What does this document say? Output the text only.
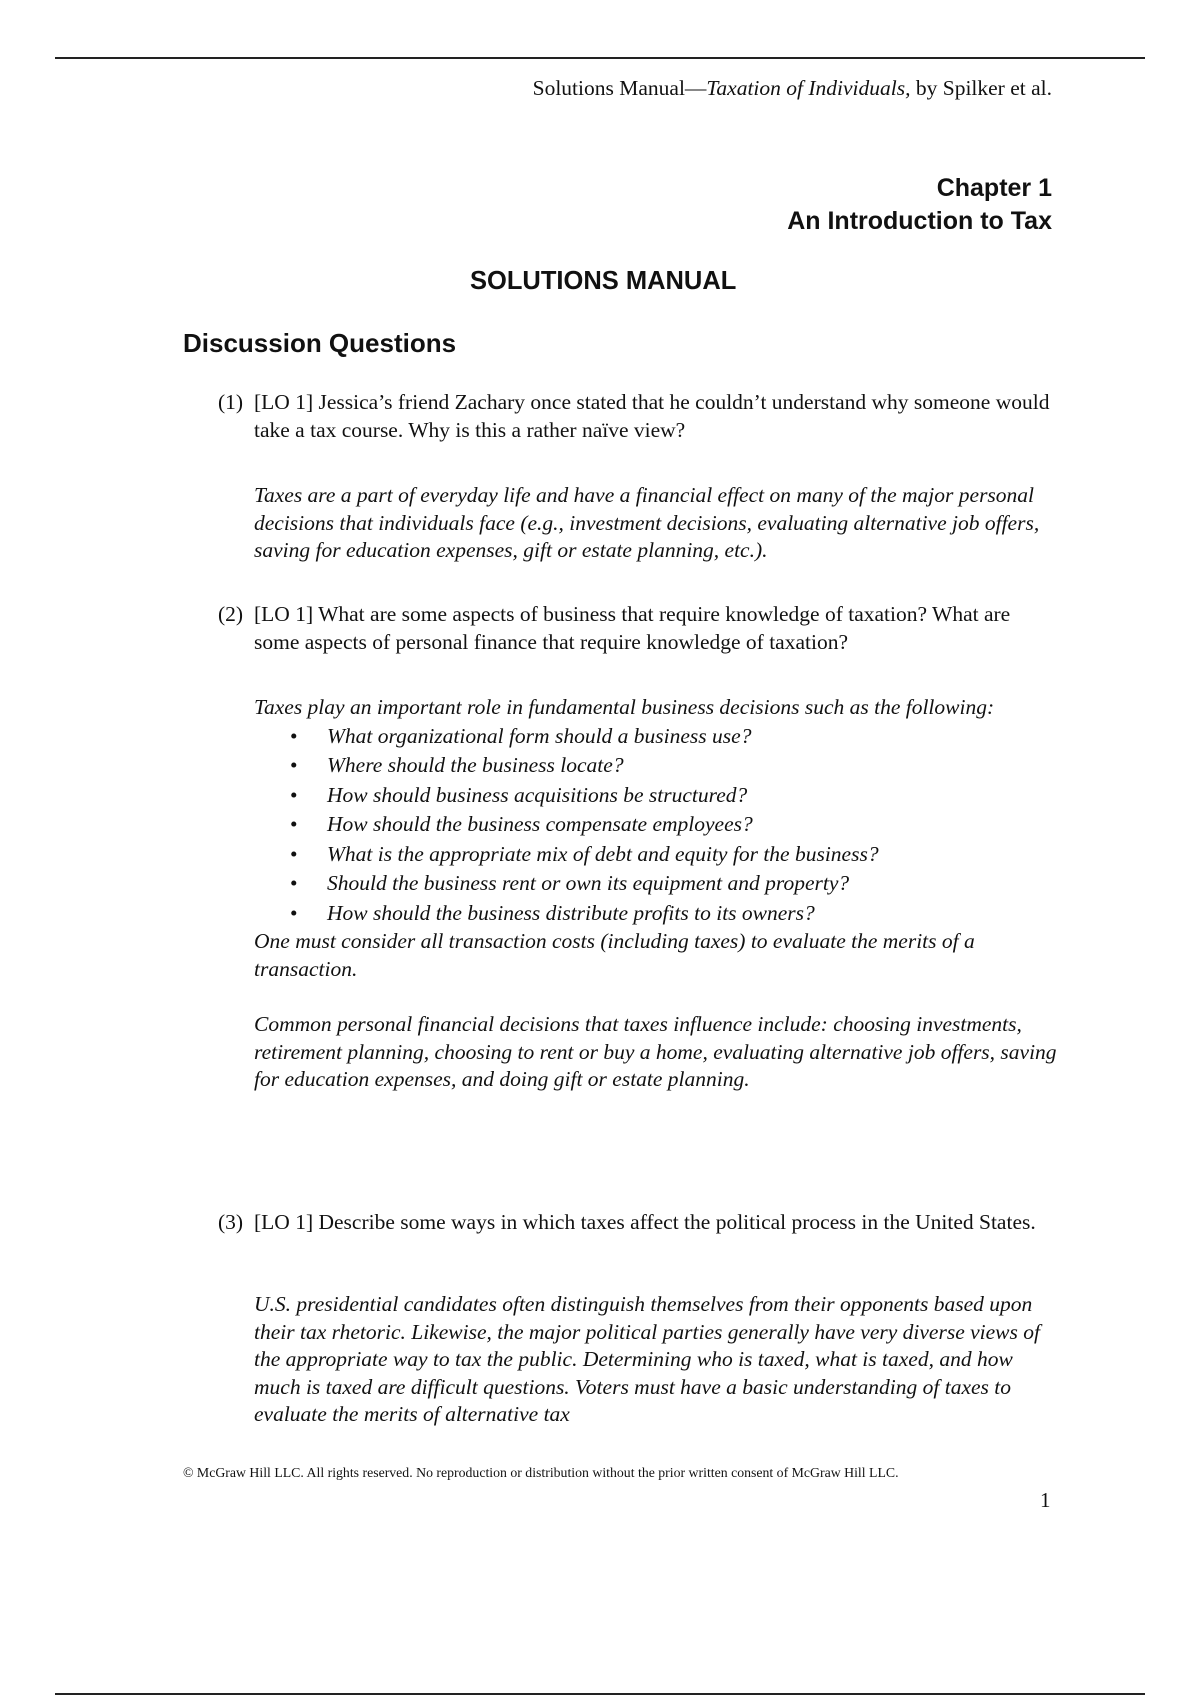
Solutions Manual—Taxation of Individuals, by Spilker et al.
Chapter 1
An Introduction to Tax
SOLUTIONS MANUAL
Discussion Questions
(1) [LO 1] Jessica’s friend Zachary once stated that he couldn’t understand why someone would take a tax course. Why is this a rather naïve view?

Taxes are a part of everyday life and have a financial effect on many of the major personal decisions that individuals face (e.g., investment decisions, evaluating alternative job offers, saving for education expenses, gift or estate planning, etc.).

(2) [LO 1] What are some aspects of business that require knowledge of taxation? What are some aspects of personal finance that require knowledge of taxation?

Taxes play an important role in fundamental business decisions such as the following:

• What organizational form should a business use?
• Where should the business locate?
• How should business acquisitions be structured?
• How should the business compensate employees?
• What is the appropriate mix of debt and equity for the business?
• Should the business rent or own its equipment and property?
• How should the business distribute profits to its owners?

One must consider all transaction costs (including taxes) to evaluate the merits of a transaction.

Common personal financial decisions that taxes influence include: choosing investments, retirement planning, choosing to rent or buy a home, evaluating alternative job offers, saving for education expenses, and doing gift or estate planning.

(3) [LO 1] Describe some ways in which taxes affect the political process in the United States.

U.S. presidential candidates often distinguish themselves from their opponents based upon their tax rhetoric. Likewise, the major political parties generally have very diverse views of the appropriate way to tax the public. Determining who is taxed, what is taxed, and how much is taxed are difficult questions. Voters must have a basic understanding of taxes to evaluate the merits of alternative tax

© McGraw Hill LLC. All rights reserved. No reproduction or distribution without the prior written consent of McGraw Hill LLC.
1
